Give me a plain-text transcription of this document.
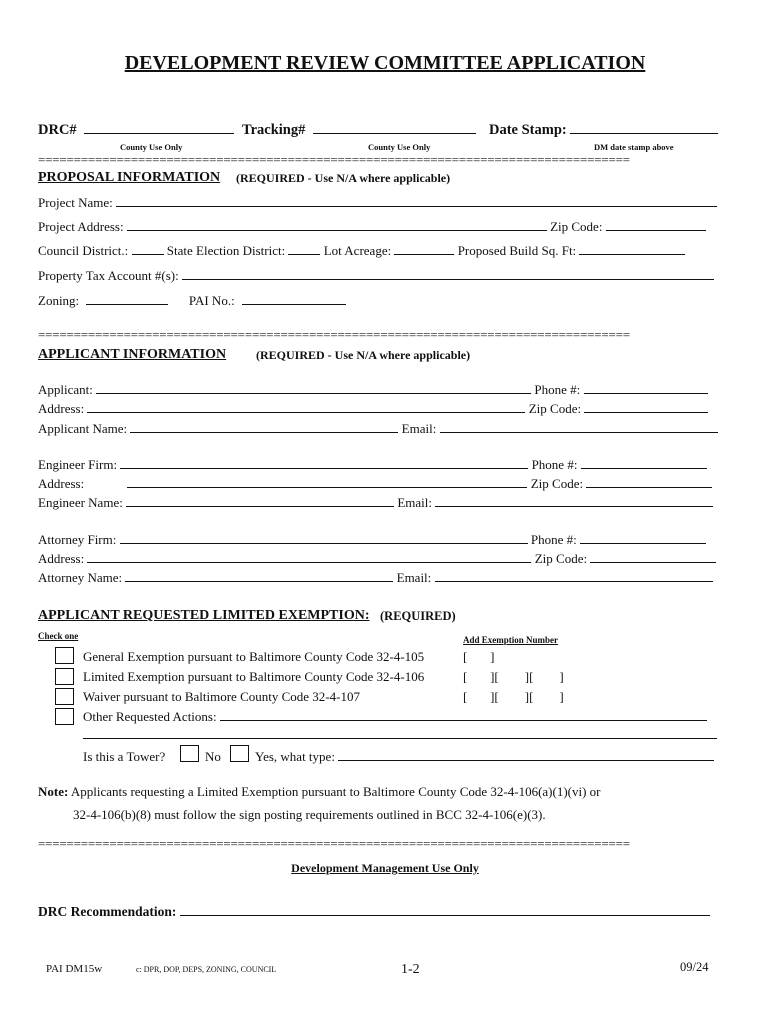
DEVELOPMENT REVIEW COMMITTEE APPLICATION
DRC#	Tracking#	Date Stamp:
County Use Only	County Use Only	DM date stamp above
===================================================================================
PROPOSAL INFORMATION (REQUIRED - Use N/A where applicable)
Project Name:
Project Address:	Zip Code:
Council District.:	State Election District:	Lot Acreage:	Proposed Build Sq. Ft:
Property Tax Account #(s):
Zoning:	PAI No.:
===================================================================================
APPLICANT INFORMATION (REQUIRED - Use N/A where applicable)
Applicant:	Phone #:
Address:	Zip Code:
Applicant Name:	Email:
Engineer Firm:	Phone #:
Address:	Zip Code:
Engineer Name:	Email:
Attorney Firm:	Phone #:
Address:	Zip Code:
Attorney Name:	Email:
APPLICANT REQUESTED LIMITED EXEMPTION: (REQUIRED)
Check one	Add Exemption Number
General Exemption pursuant to Baltimore County Code 32-4-105	[       ]
Limited Exemption pursuant to Baltimore County Code 32-4-106	[       ][        ][        ]
Waiver pursuant to Baltimore County Code 32-4-107	[       ][        ][        ]
Other Requested Actions:
Is this a Tower?	No	Yes, what type:
Note: Applicants requesting a Limited Exemption pursuant to Baltimore County Code 32-4-106(a)(1)(vi) or
32-4-106(b)(8) must follow the sign posting requirements outlined in BCC 32-4-106(e)(3).
===================================================================================
Development Management Use Only
DRC Recommendation:
PAI DM15w	c: DPR, DOP, DEPS, ZONING, COUNCIL	1-2	09/24
